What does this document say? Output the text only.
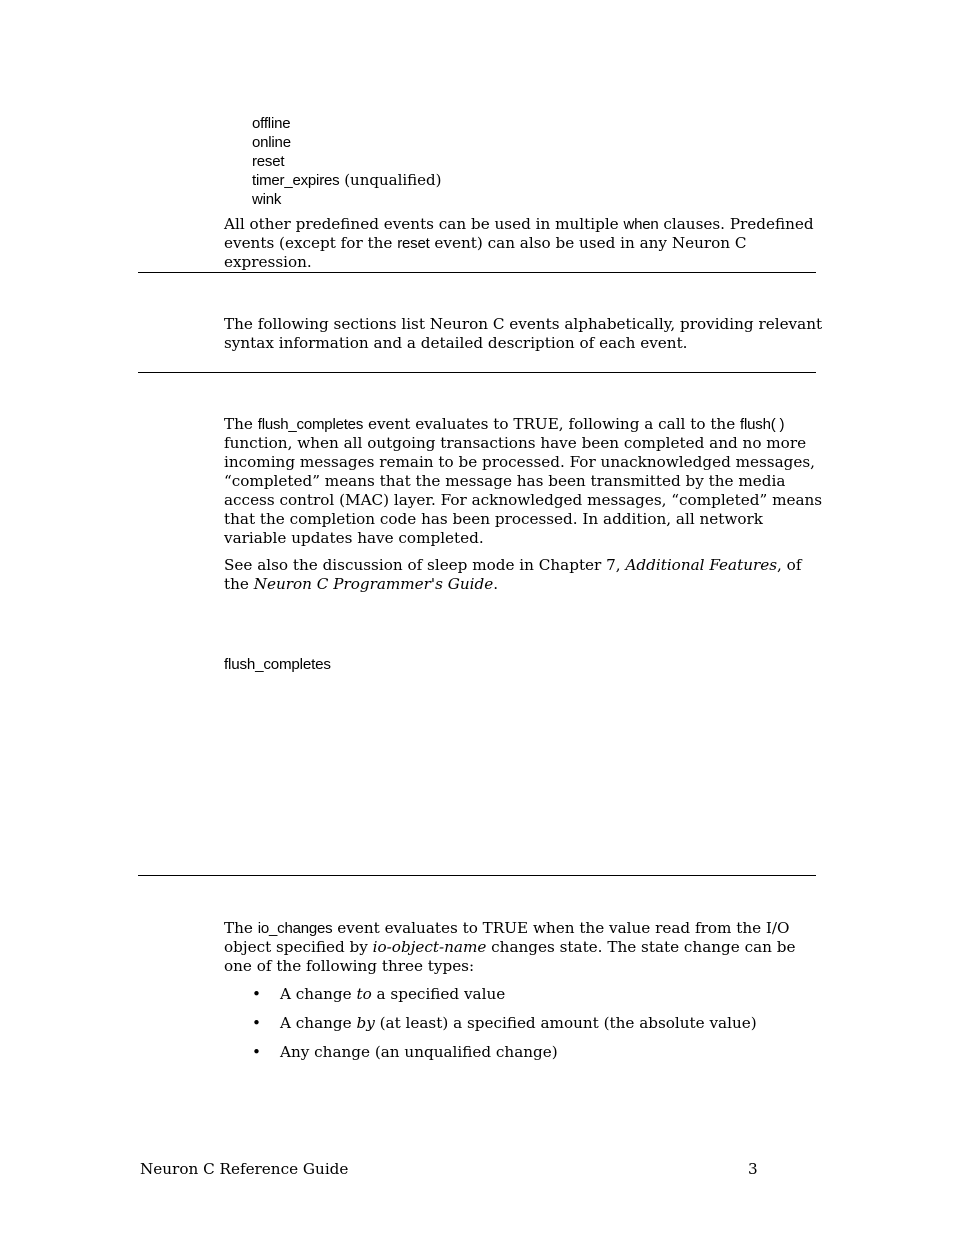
offline
online
reset
timer_expires (unqualified)
wink
All other predefined events can be used in multiple when clauses. Predefined events (except for the reset event) can also be used in any Neuron C expression.
The following sections list Neuron C events alphabetically, providing relevant syntax information and a detailed description of each event.
The flush_completes event evaluates to TRUE, following a call to the flush( ) function, when all outgoing transactions have been completed and no more incoming messages remain to be processed. For unacknowledged messages, “completed” means that the message has been transmitted by the media access control (MAC) layer. For acknowledged messages, “completed” means that the completion code has been processed. In addition, all network variable updates have completed.
See also the discussion of sleep mode in Chapter 7, Additional Features, of the Neuron C Programmer's Guide.
flush_completes
The io_changes event evaluates to TRUE when the value read from the I/O object specified by io-object-name changes state. The state change can be one of the following three types:
• A change to a specified value
• A change by (at least) a specified amount (the absolute value)
• Any change (an unqualified change)
Neuron C Reference Guide	3
